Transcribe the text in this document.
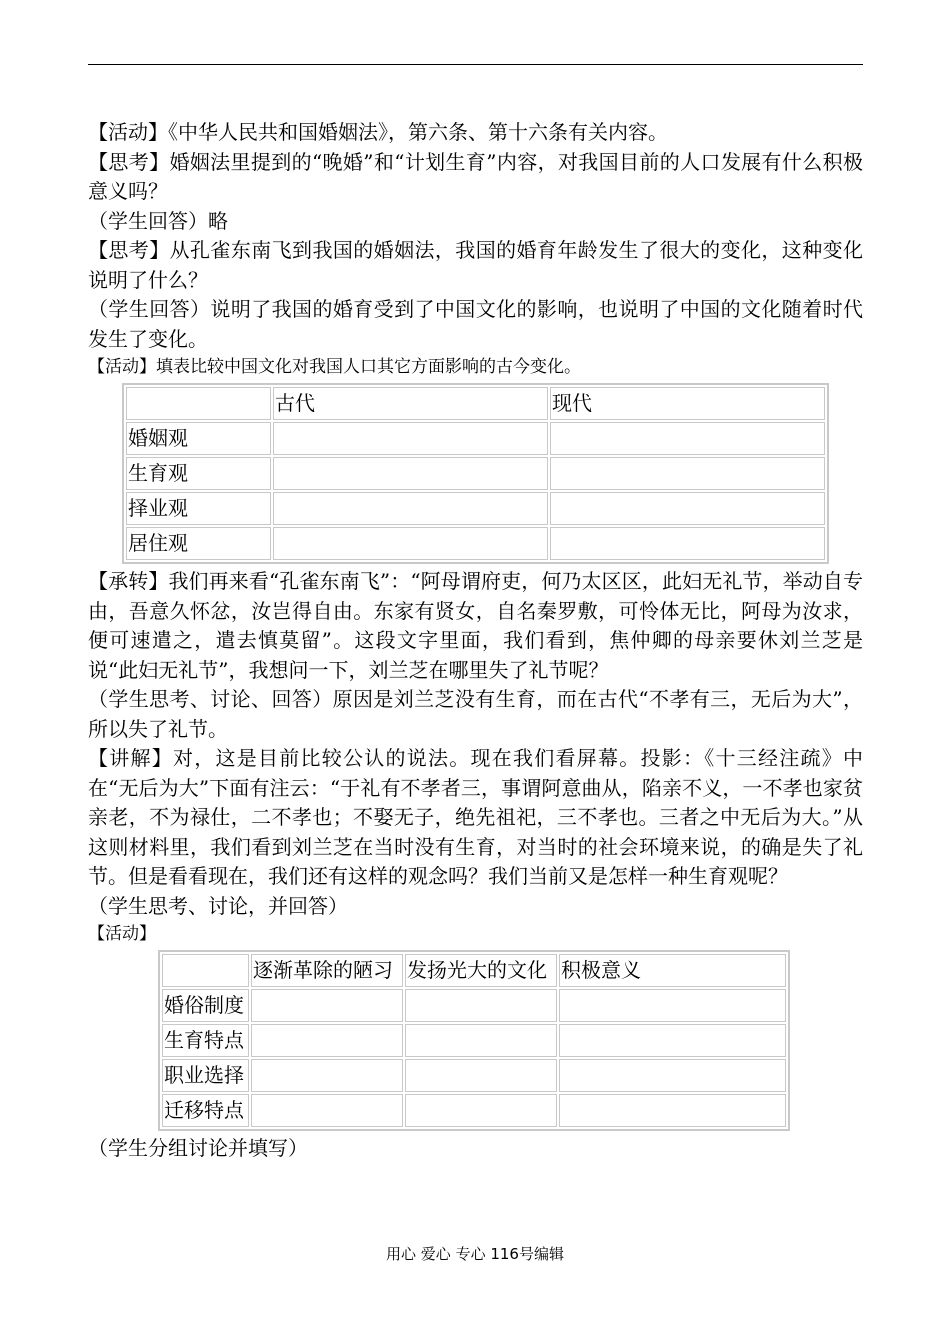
【活动】《中华人民共和国婚姻法》，第六条、第十六条有关内容。

【思考】婚姻法里提到的“晚婚”和“计划生育”内容，对我国目前的人口发展有什么积极意义吗？

（学生回答）略

【思考】从孔雀东南飞到我国的婚姻法，我国的婚育年龄发生了很大的变化，这种变化说明了什么？

（学生回答）说明了我国的婚育受到了中国文化的影响，也说明了中国的文化随着时代发生了变化。

【活动】填表比较中国文化对我国人口其它方面影响的古今变化。

	古代	现代
婚姻观		
生育观		
择业观		
居住观		

【承转】我们再来看“孔雀东南飞”：“阿母谓府吏，何乃太区区，此妇无礼节，举动自专由，吾意久怀忿，汝岂得自由。东家有贤女，自名秦罗敷，可怜体无比，阿母为汝求，便可速遣之，遣去慎莫留”。这段文字里面，我们看到，焦仲卿的母亲要休刘兰芝是说“此妇无礼节”，我想问一下，刘兰芝在哪里失了礼节呢？

（学生思考、讨论、回答）原因是刘兰芝没有生育，而在古代“不孝有三，无后为大”，所以失了礼节。

【讲解】对，这是目前比较公认的说法。现在我们看屏幕。投影：《十三经注疏》中在“无后为大”下面有注云：“于礼有不孝者三，事谓阿意曲从，陷亲不义，一不孝也家贫亲老，不为禄仕，二不孝也；不娶无子，绝先祖祀，三不孝也。三者之中无后为大。”从这则材料里，我们看到刘兰芝在当时没有生育，对当时的社会环境来说，的确是失了礼节。但是看看现在，我们还有这样的观念吗？我们当前又是怎样一种生育观呢？

（学生思考、讨论，并回答）

【活动】

	逐渐革除的陋习	发扬光大的文化	积极意义
婚俗制度			
生育特点			
职业选择			
迁移特点			

（学生分组讨论并填写）

用心 爱心 专心 116号编辑
